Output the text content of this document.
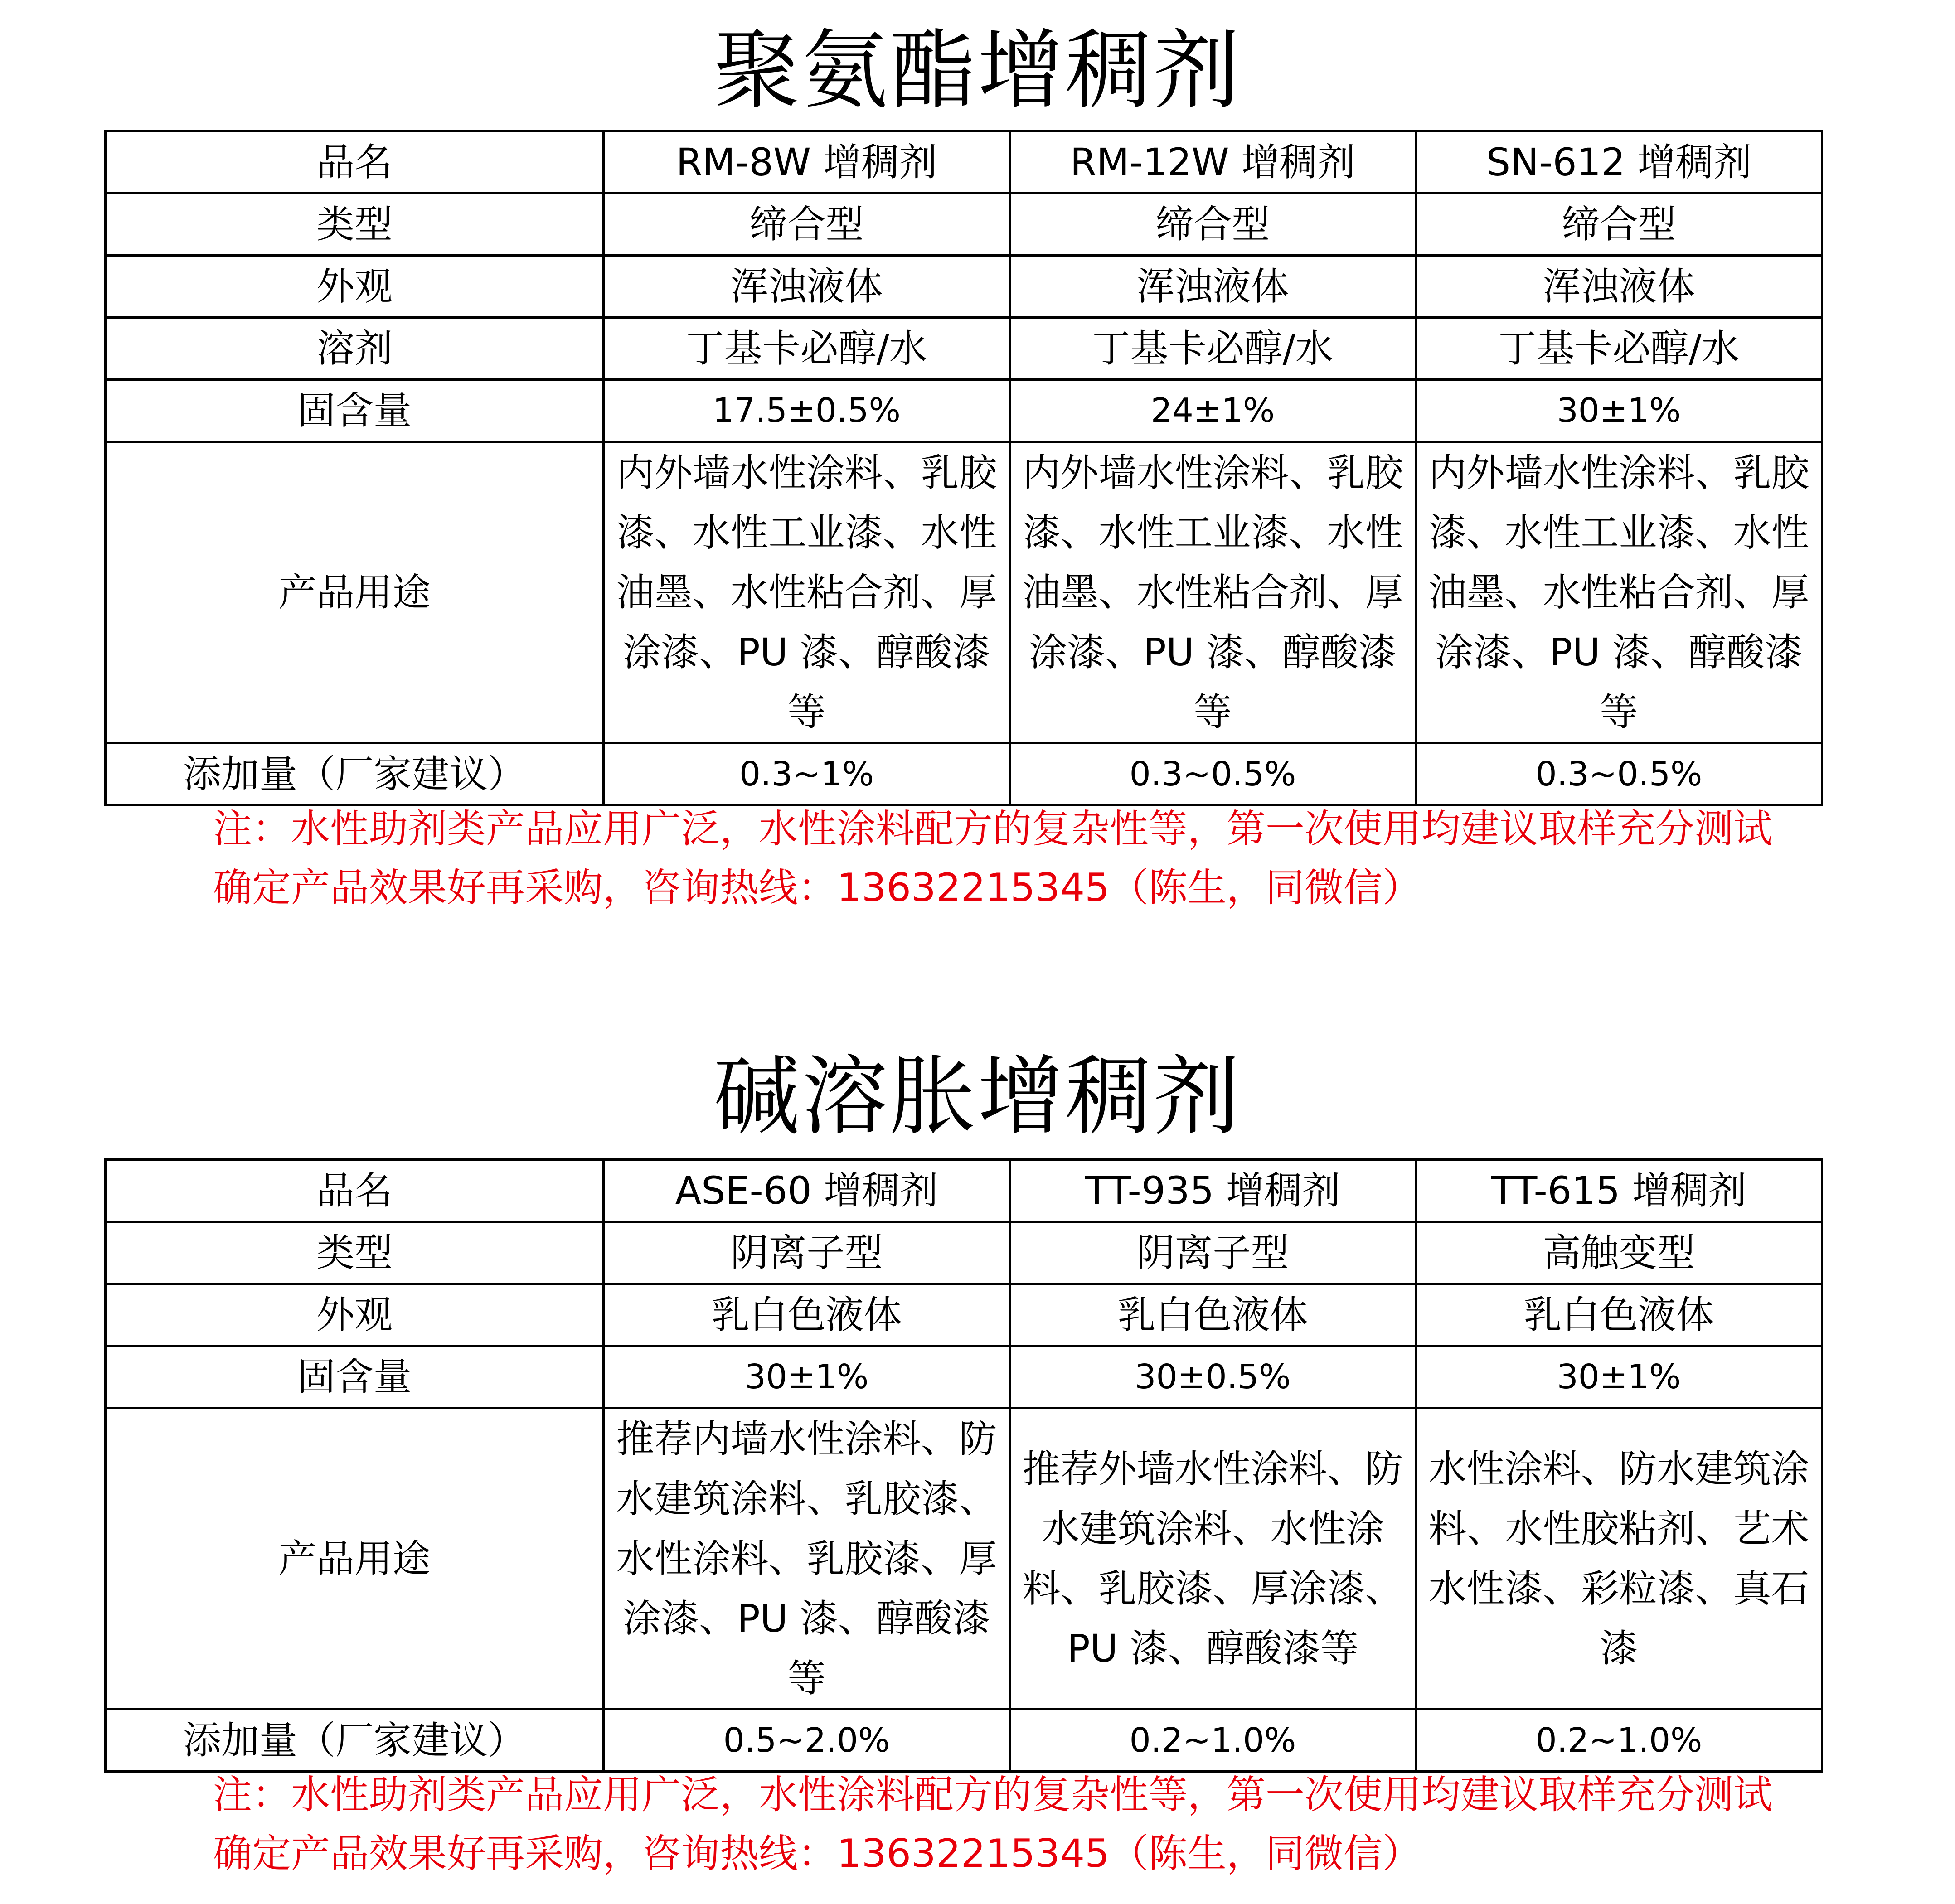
聚氨酯增稠剂
品名	RM-8W 增稠剂	RM-12W 增稠剂	SN-612 增稠剂
类型	缔合型	缔合型	缔合型
外观	浑浊液体	浑浊液体	浑浊液体
溶剂	丁基卡必醇/水	丁基卡必醇/水	丁基卡必醇/水
固含量	17.5±0.5%	24±1%	30±1%
产品用途	内外墙水性涂料、乳胶漆、水性工业漆、水性油墨、水性粘合剂、厚涂漆、PU 漆、醇酸漆等	内外墙水性涂料、乳胶漆、水性工业漆、水性油墨、水性粘合剂、厚涂漆、PU 漆、醇酸漆等	内外墙水性涂料、乳胶漆、水性工业漆、水性油墨、水性粘合剂、厚涂漆、PU 漆、醇酸漆等
添加量（厂家建议）	0.3~1%	0.3~0.5%	0.3~0.5%
注：水性助剂类产品应用广泛，水性涂料配方的复杂性等，第一次使用均建议取样充分测试
确定产品效果好再采购，咨询热线：13632215345（陈生，同微信）
碱溶胀增稠剂
品名	ASE-60 增稠剂	TT-935 增稠剂	TT-615 增稠剂
类型	阴离子型	阴离子型	高触变型
外观	乳白色液体	乳白色液体	乳白色液体
固含量	30±1%	30±0.5%	30±1%
产品用途	推荐内墙水性涂料、防水建筑涂料、乳胶漆、水性涂料、乳胶漆、厚涂漆、PU 漆、醇酸漆等	推荐外墙水性涂料、防水建筑涂料、水性涂料、乳胶漆、厚涂漆、PU 漆、醇酸漆等	水性涂料、防水建筑涂料、水性胶粘剂、艺术水性漆、彩粒漆、真石漆
添加量（厂家建议）	0.5~2.0%	0.2~1.0%	0.2~1.0%
注：水性助剂类产品应用广泛，水性涂料配方的复杂性等，第一次使用均建议取样充分测试
确定产品效果好再采购，咨询热线：13632215345（陈生，同微信）
